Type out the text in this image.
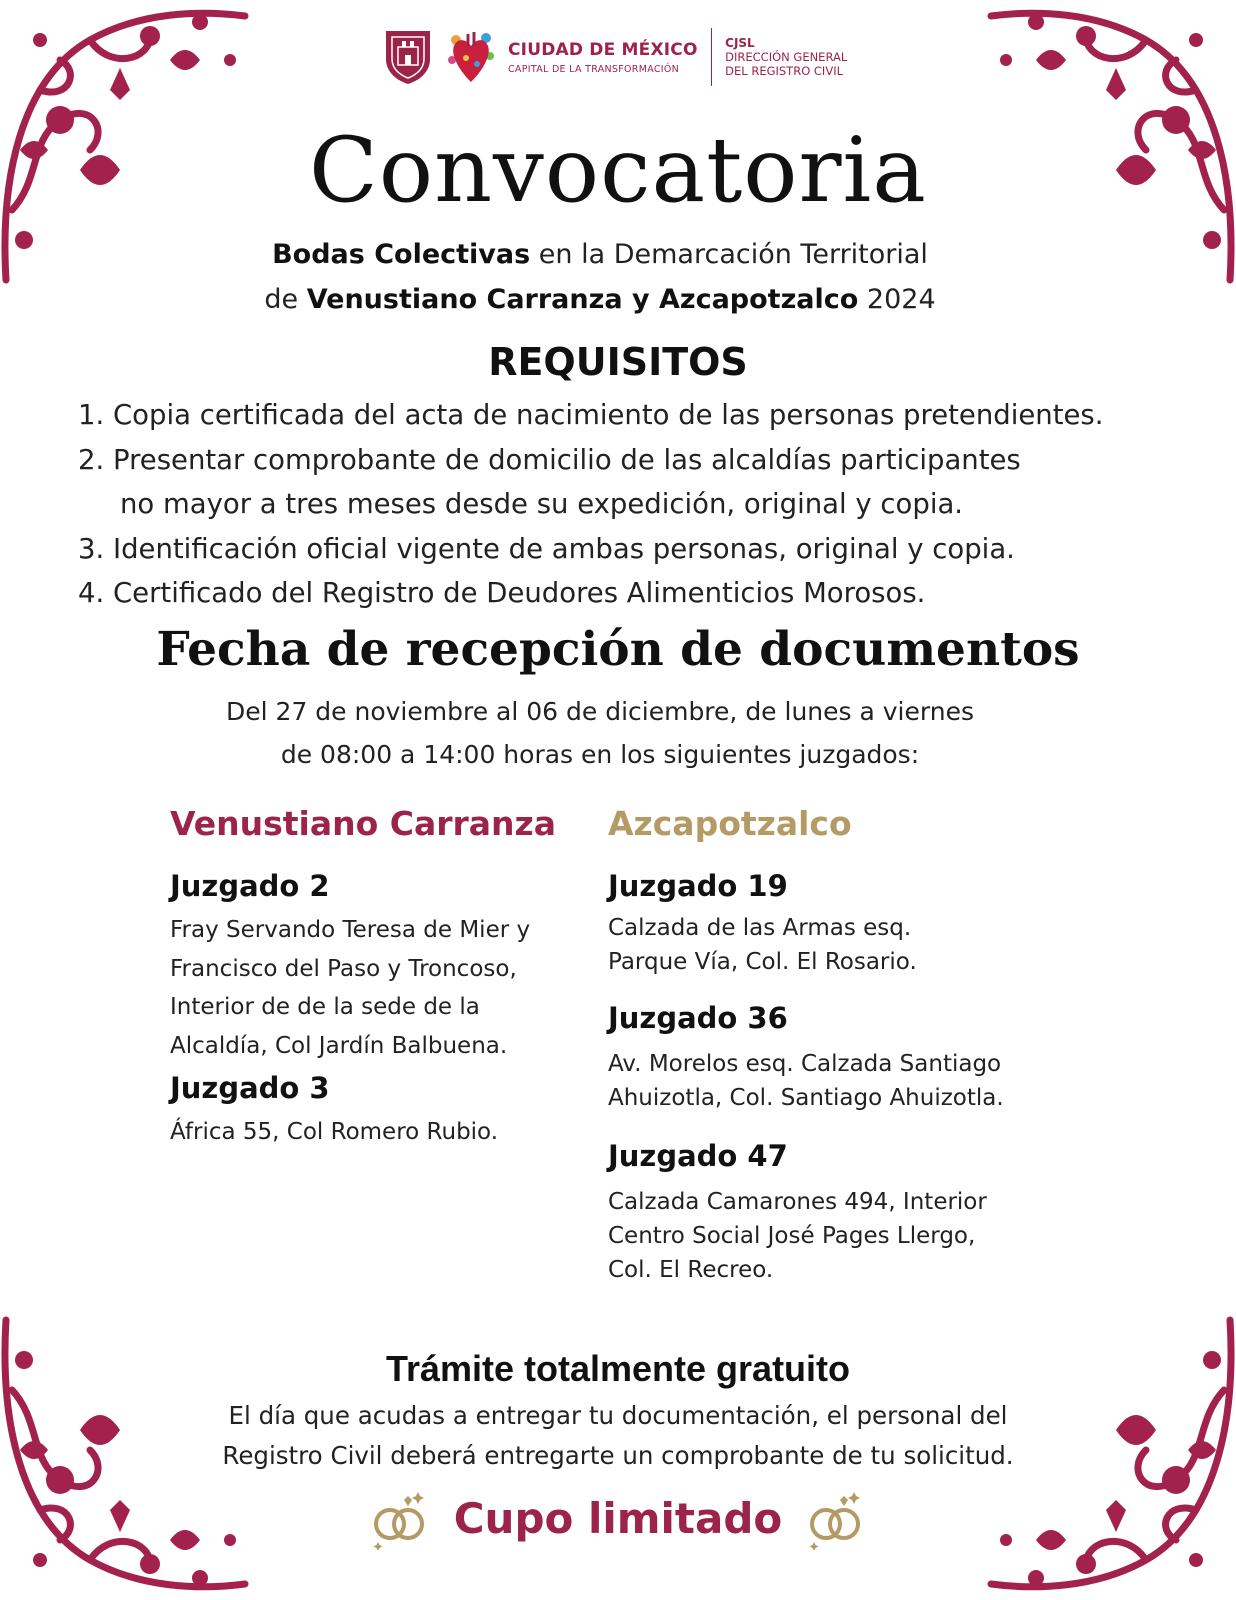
CIUDAD DE MÉXICO
CAPITAL DE LA TRANSFORMACIÓN
CJSL
DIRECCIÓN GENERAL
DEL REGISTRO CIVIL
Convocatoria
Bodas Colectivas en la Demarcación Territorial
de Venustiano Carranza y Azcapotzalco 2024
REQUISITOS
1. Copia certificada del acta de nacimiento de las personas pretendientes.
2. Presentar comprobante de domicilio de las alcaldías participantes
no mayor a tres meses desde su expedición, original y copia.
3. Identificación oficial vigente de ambas personas, original y copia.
4. Certificado del Registro de Deudores Alimenticios Morosos.
Fecha de recepción de documentos
Del 27 de noviembre al 06 de diciembre, de lunes a viernes
de 08:00 a 14:00 horas en los siguientes juzgados:
Venustiano Carranza
Juzgado 2
Fray Servando Teresa de Mier y
Francisco del Paso y Troncoso,
Interior de de la sede de la
Alcaldía, Col Jardín Balbuena.
Juzgado 3
África 55, Col Romero Rubio.
Azcapotzalco
Juzgado 19
Calzada de las Armas esq.
Parque Vía, Col. El Rosario.
Juzgado 36
Av. Morelos esq. Calzada Santiago
Ahuizotla, Col. Santiago Ahuizotla.
Juzgado 47
Calzada Camarones 494, Interior
Centro Social José Pages Llergo,
Col. El Recreo.
Trámite totalmente gratuito
El día que acudas a entregar tu documentación, el personal del
Registro Civil deberá entregarte un comprobante de tu solicitud.
Cupo limitado
